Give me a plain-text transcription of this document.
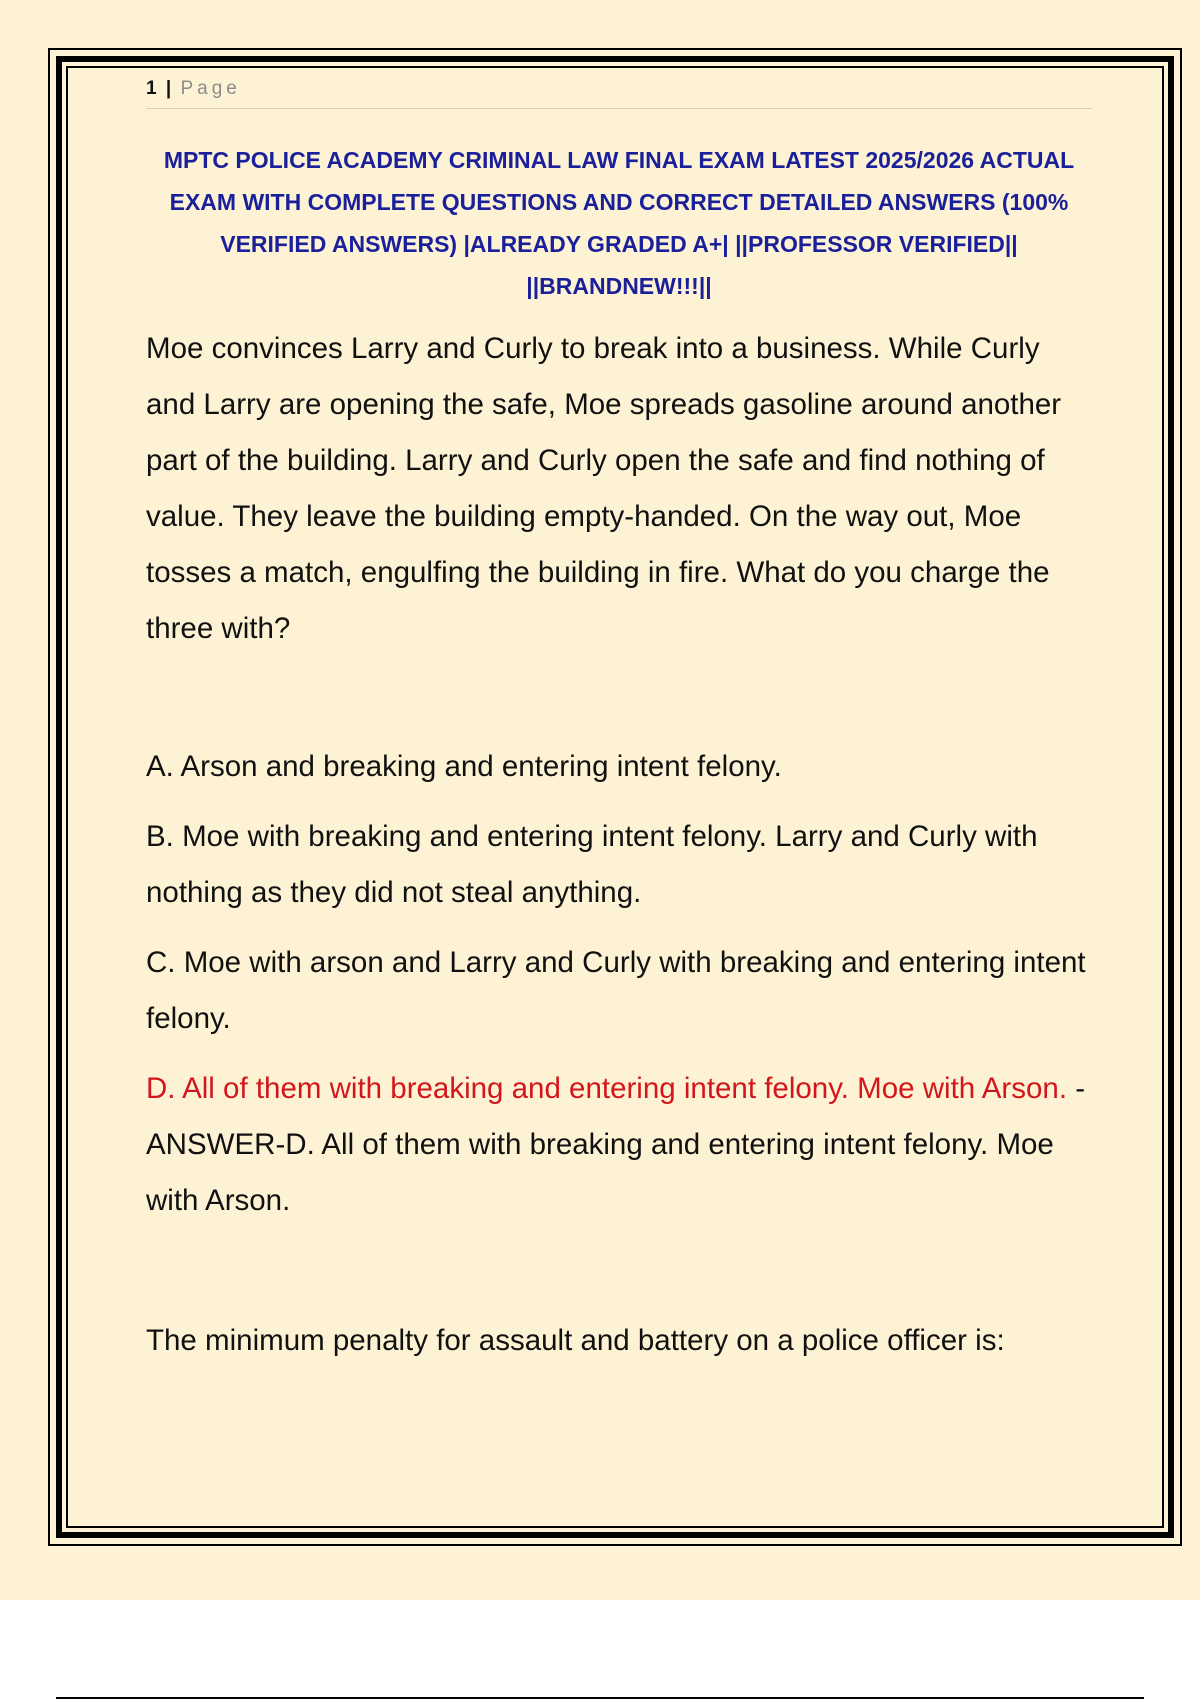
1 | Page
MPTC POLICE ACADEMY CRIMINAL LAW FINAL EXAM LATEST 2025/2026 ACTUAL EXAM WITH COMPLETE QUESTIONS AND CORRECT DETAILED ANSWERS (100% VERIFIED ANSWERS) |ALREADY GRADED A+| ||PROFESSOR VERIFIED|| ||BRANDNEW!!!||
Moe convinces Larry and Curly to break into a business. While Curly and Larry are opening the safe, Moe spreads gasoline around another part of the building. Larry and Curly open the safe and find nothing of value. They leave the building empty-handed. On the way out, Moe tosses a match, engulfing the building in fire. What do you charge the three with?
A. Arson and breaking and entering intent felony.
B. Moe with breaking and entering intent felony. Larry and Curly with nothing as they did not steal anything.
C. Moe with arson and Larry and Curly with breaking and entering intent felony.
D. All of them with breaking and entering intent felony. Moe with Arson. - ANSWER-D. All of them with breaking and entering intent felony. Moe with Arson.
The minimum penalty for assault and battery on a police officer is:
